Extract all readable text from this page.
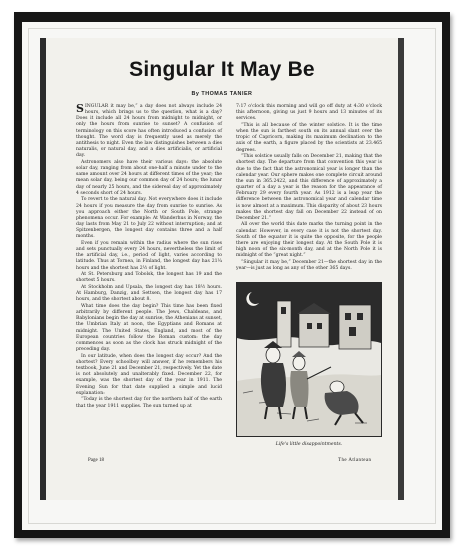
Singular It May Be
By THOMAS TANIER

SINGULAR it may be,” a day does not always include 24 hours, which brings us to the question, what is a day? Does it include all 24 hours from midnight to midnight, or only the hours from sunrise to sunset? A confusion of terminology on this score has often introduced a confusion of thought. The word day is frequently used as merely the antithesis to night. Even the law distinguishes between a dies naturalis, or natural day, and a dies artificialis, or artificial day.

Astronomers also have their various days: the absolute solar day, ranging from about one-half a minute under to the same amount over 24 hours at different times of the year; the mean solar day, being our common day of 24 hours; the lunar day of nearly 25 hours, and the sidereal day of approximately 4 seconds short of 24 hours.

To revert to the natural day. Not everywhere does it include 24 hours if you measure the day from sunrise to sunrise. As you approach either the North or South Pole, strange phenomena occur. For example: At Wanderhus in Norway, the day lasts from May 21 to July 22 without interruption; and at Spitzenbergen, the longest day contains three and a half months.

Even if you remain within the radius where the sun rises and sets punctually every 24 hours, nevertheless the limit of the artificial day, i.e., period of light, varies according to latitude. Thus at Tornea, in Finland, the longest day has 21¼ hours and the shortest has 2½ of light.

At St. Petersburg and Tobolsk, the longest has 19 and the shortest 5 hours.

At Stockholm and Upsala, the longest day has 18½ hours. At Hamburg, Danzig, and Settsen, the longest day has 17 hours, and the shortest about 8.

What time does the day begin? This time has been fixed arbitrarily by different people. The Jews, Chaldeans, and Babylonians begin the day at sunrise, the Athenians at sunset, the Umbrian Italy at noon, the Egyptians and Romans at midnight. The United States, England, and most of the European countries follow the Roman custom: the day commences as soon as the clock has struck midnight of the preceding day.

In our latitude, when does the longest day occur? And the shortest? Every schoolboy will answer, if he remembers his textbook, June 21 and December 21, respectively. Yet the date is not absolutely and unalterably fixed. December 22, for example, was the shortest day of the year in 1911. The Evening Sun for that date supplied a simple and lucid explanation:

“Today is the shortest day for the northern half of the earth that the year 1911 supplies. The sun turned up at

7:17 o'clock this morning and will go off duty at 4:30 o'clock this afternoon, giving us just 9 hours and 13 minutes of its services.

“This is all because of the winter solstice. It is the time when the sun is farthest south on its annual slant over the tropic of Capricorn, making its maximum declination to the axis of the earth, a figure placed by the scientists at 23.465 degrees.

“This solstice usually falls on December 21, making that the shortest day. The departure from that convention this year is due to the fact that the astronomical year is longer than the calendar year. Our sphere makes one complete circuit around the sun in 365.2422, and this difference of approximately a quarter of a day a year is the reason for the appearance of February 29 every fourth year. As 1912 is a leap year the difference between the astronomical year and calendar time is now almost at a maximum. This disparity of about 23 hours makes the shortest day fall on December 22 instead of on December 21.”

All over the world this date marks the turning point in the calendar. However, in every case it is not the shortest day. South of the equator it is quite the opposite, for the people there are enjoying their longest day. At the South Pole it is high noon of the six-month day, and at the North Pole it is midnight of the “great night.”

“Singular it may be,” December 21—the shortest day in the year—is just as long as any of the other 365 days.

Life's little disappointments.
Page 18	The Atlantean
